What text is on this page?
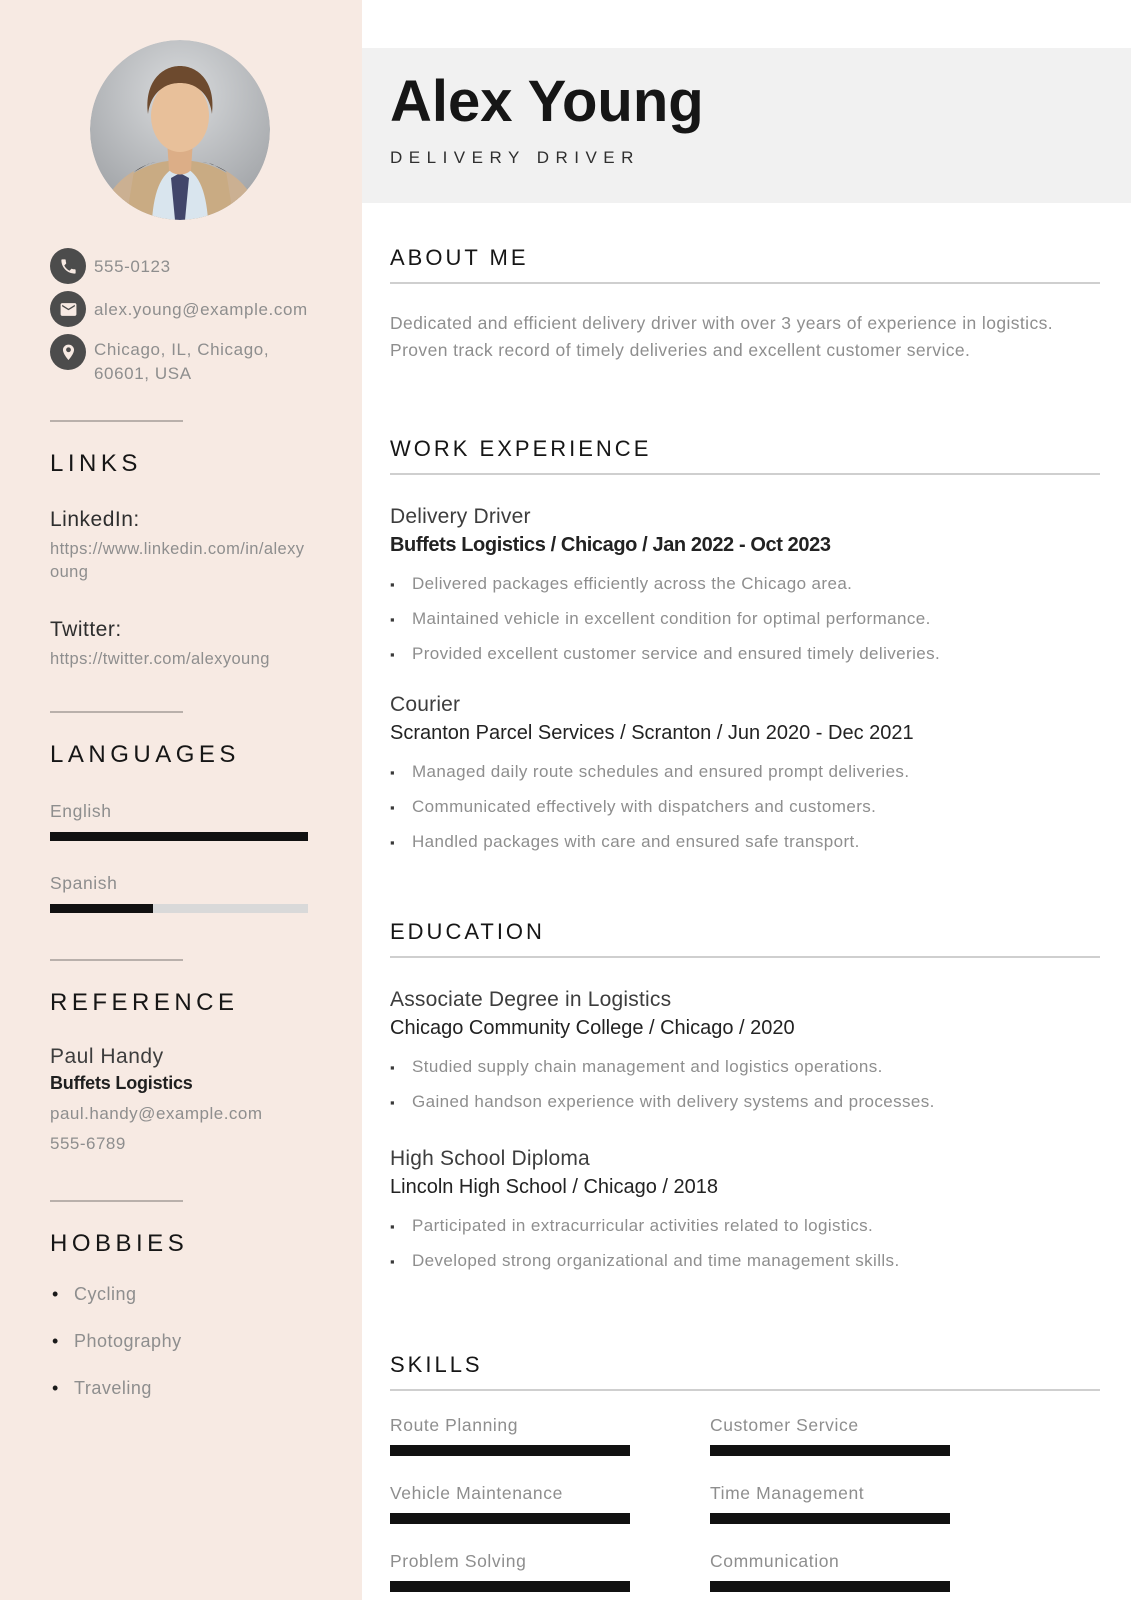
555-0123
alex.young@example.com
Chicago, IL, Chicago,
60601, USA
LINKS
LinkedIn:
https://www.linkedin.com/in/alexyoung
Twitter:
https://twitter.com/alexyoung
LANGUAGES
English
Spanish
REFERENCE
Paul Handy
Buffets Logistics
paul.handy@example.com
555-6789
HOBBIES
• Cycling
• Photography
• Traveling
Alex Young
DELIVERY DRIVER
ABOUT ME

Dedicated and efficient delivery driver with over 3 years of experience in logistics. Proven track record of timely deliveries and excellent customer service.

WORK EXPERIENCE
Delivery Driver
Buffets Logistics / Chicago / Jan 2022 - Oct 2023
▪ Delivered packages efficiently across the Chicago area.
▪ Maintained vehicle in excellent condition for optimal performance.
▪ Provided excellent customer service and ensured timely deliveries.
Courier
Scranton Parcel Services / Scranton / Jun 2020 - Dec 2021
▪ Managed daily route schedules and ensured prompt deliveries.
▪ Communicated effectively with dispatchers and customers.
▪ Handled packages with care and ensured safe transport.
EDUCATION
Associate Degree in Logistics
Chicago Community College / Chicago / 2020
▪ Studied supply chain management and logistics operations.
▪ Gained handson experience with delivery systems and processes.
High School Diploma
Lincoln High School / Chicago / 2018
▪ Participated in extracurricular activities related to logistics.
▪ Developed strong organizational and time management skills.
SKILLS
Route Planning	Customer Service
Vehicle Maintenance	Time Management
Problem Solving	Communication
